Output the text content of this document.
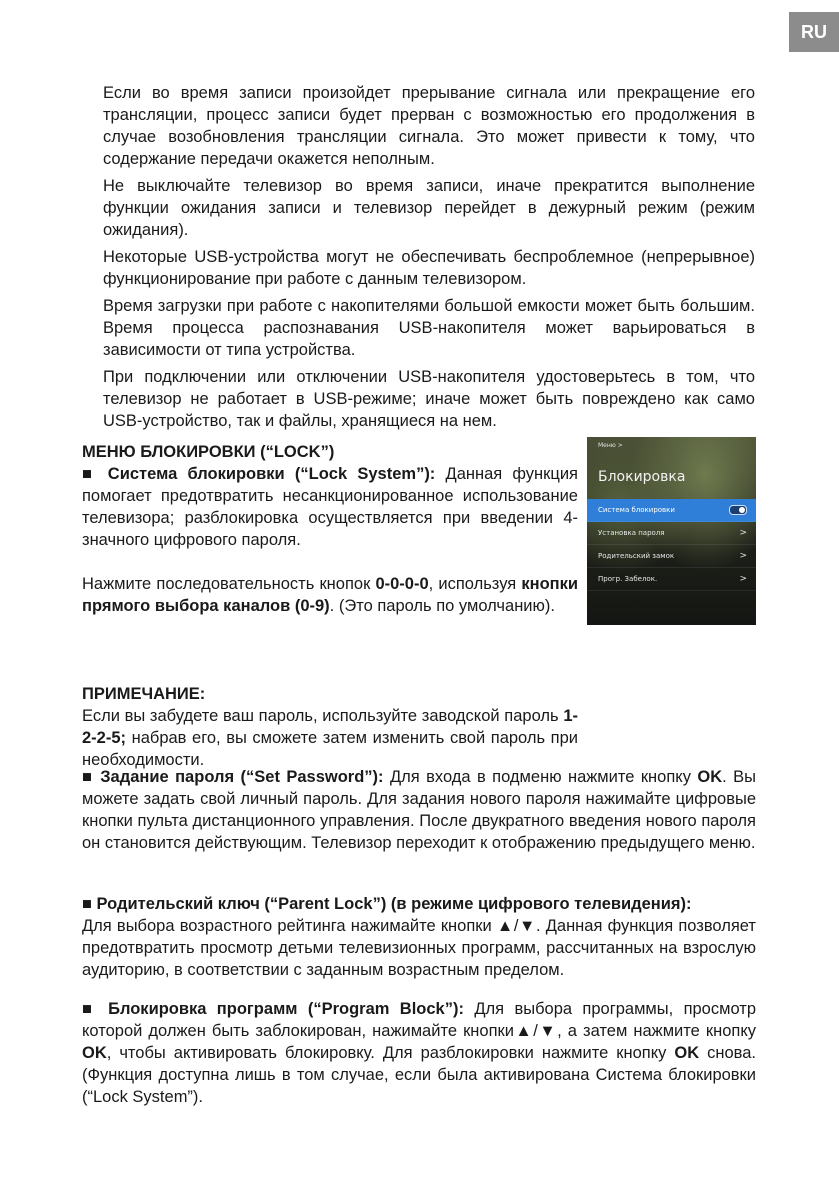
RU

Если во время записи произойдет прерывание сигнала или прекращение его трансляции, процесс записи будет прерван с возможностью его продолжения в случае возобновления трансляции сигнала. Это может привести к тому, что содержание передачи окажется неполным.

Не выключайте телевизор во время записи, иначе прекратится выполнение функции ожидания записи и телевизор перейдет в дежурный режим (режим ожидания).

Некоторые USB-устройства могут не обеспечивать беспроблемное (непрерывное) функционирование при работе с данным телевизором.

Время загрузки при работе с накопителями большой емкости может быть большим. Время процесса распознавания USB-накопителя может варьироваться в зависимости от типа устройства.

При подключении или отключении USB-накопителя удостоверьтесь в том, что телевизор не работает в USB-режиме; иначе может быть повреждено как само USB-устройство, так и файлы, хранящиеся на нем.

МЕНЮ БЛОКИРОВКИ (“LOCK”)

■ Система блокировки (“Lock System”): Данная функция помогает предотвратить несанкционированное использование телевизора; разблокировка осуществляется при введении 4-значного цифрового пароля.

Нажмите последовательность кнопок 0-0-0-0, используя кнопки прямого выбора каналов (0-9). (Это пароль по умолчанию).

ПРИМЕЧАНИЕ:

Если вы забудете ваш пароль, используйте заводской пароль 1-2-2-5; набрав его, вы сможете затем изменить свой пароль при необходимости.

■ Задание пароля (“Set Password”): Для входа в подменю нажмите кнопку OK. Вы можете задать свой личный пароль. Для задания нового пароля нажимайте цифровые кнопки пульта дистанционного управления. После двукратного введения нового пароля он становится действующим. Телевизор переходит к отображению предыдущего меню.

■ Родительский ключ (“Parent Lock”) (в режиме цифрового телевидения):
Для выбора возрастного рейтинга нажимайте кнопки ▲/▼. Данная функция позволяет предотвратить просмотр детьми телевизионных программ, рассчитанных на взрослую аудиторию, в соответствии с заданным возрастным пределом.

■ Блокировка программ (“Program Block”): Для выбора программы, просмотр которой должен быть заблокирован, нажимайте кнопки▲/▼, а затем нажмите кнопку OK, чтобы активировать блокировку. Для разблокировки нажмите кнопку OK снова. (Функция доступна лишь в том случае, если была активирована Система блокировки (“Lock System”).

Меню >
Блокировка
Система блокировки
Установка пароля	>
Родительский замок	>
Прогр. Забелок.	>
